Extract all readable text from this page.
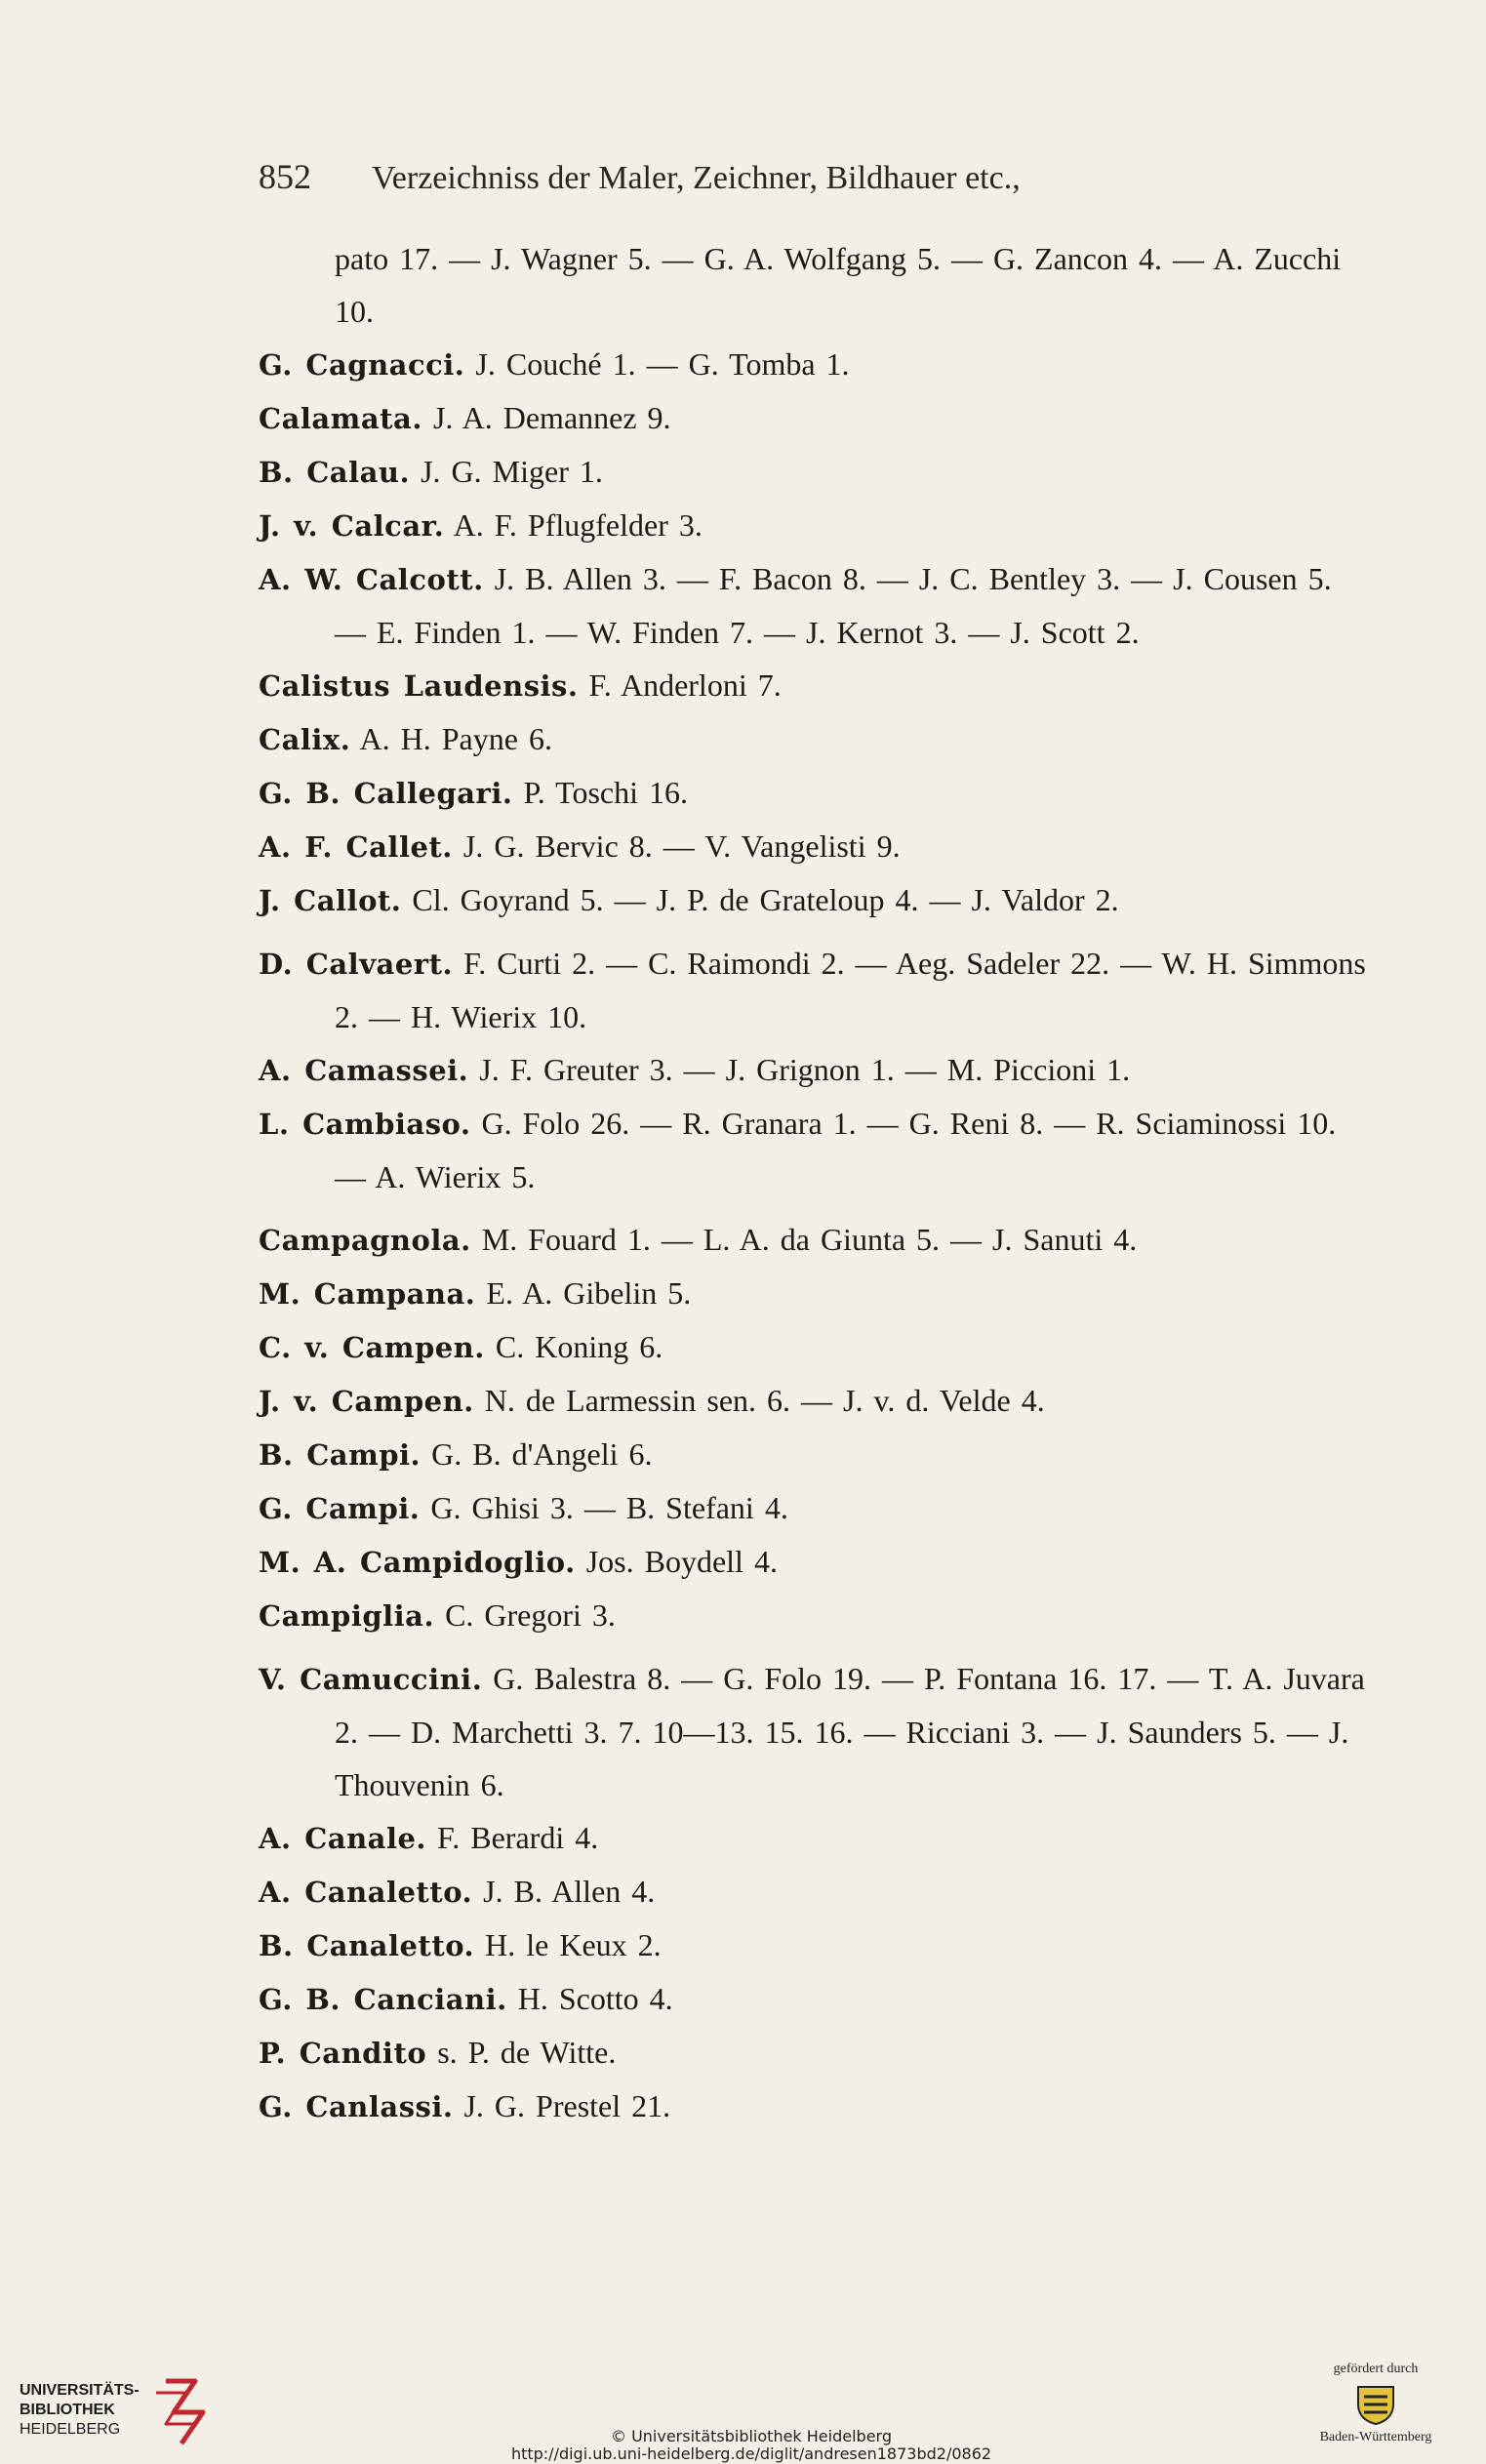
852 Verzeichniss der Maler, Zeichner, Bildhauer etc.,
pato 17. — J. Wagner 5. — G. A. Wolfgang 5. — G. Zancon 4. — A. Zucchi 10.
G. Cagnacci. J. Couché 1. — G. Tomba 1.
Calamata. J. A. Demannez 9.
B. Calau. J. G. Miger 1.
J. v. Calcar. A. F. Pflugfelder 3.
A. W. Calcott. J. B. Allen 3. — F. Bacon 8. — J. C. Bentley 3. — J. Cousen 5. — E. Finden 1. — W. Finden 7. — J. Kernot 3. — J. Scott 2.
Calistus Laudensis. F. Anderloni 7.
Calix. A. H. Payne 6.
G. B. Callegari. P. Toschi 16.
A. F. Callet. J. G. Bervic 8. — V. Vangelisti 9.
J. Callot. Cl. Goyrand 5. — J. P. de Grateloup 4. — J. Valdor 2.
D. Calvaert. F. Curti 2. — C. Raimondi 2. — Aeg. Sadeler 22. — W. H. Simmons 2. — H. Wierix 10.
A. Camassei. J. F. Greuter 3. — J. Grignon 1. — M. Piccioni 1.
L. Cambiaso. G. Folo 26. — R. Granara 1. — G. Reni 8. — R. Sciaminossi 10. — A. Wierix 5.
Campagnola. M. Fouard 1. — L. A. da Giunta 5. — J. Sanuti 4.
M. Campana. E. A. Gibelin 5.
C. v. Campen. C. Koning 6.
J. v. Campen. N. de Larmessin sen. 6. — J. v. d. Velde 4.
B. Campi. G. B. d'Angeli 6.
G. Campi. G. Ghisi 3. — B. Stefani 4.
M. A. Campidoglio. Jos. Boydell 4.
Campiglia. C. Gregori 3.
V. Camuccini. G. Balestra 8. — G. Folo 19. — P. Fontana 16. 17. — T. A. Juvara 2. — D. Marchetti 3. 7. 10—13. 15. 16. — Ricciani 3. — J. Saunders 5. — J. Thouvenin 6.
A. Canale. F. Berardi 4.
A. Canaletto. J. B. Allen 4.
B. Canaletto. H. le Keux 2.
G. B. Canciani. H. Scotto 4.
P. Candito s. P. de Witte.
G. Canlassi. J. G. Prestel 21.
UNIVERSITÄTS-
BIBLIOTHEK
HEIDELBERG	© Universitätsbibliothek Heidelberg
http://digi.ub.uni-heidelberg.de/diglit/andresen1873bd2/0862
gefördert durch
Baden-Württemberg
